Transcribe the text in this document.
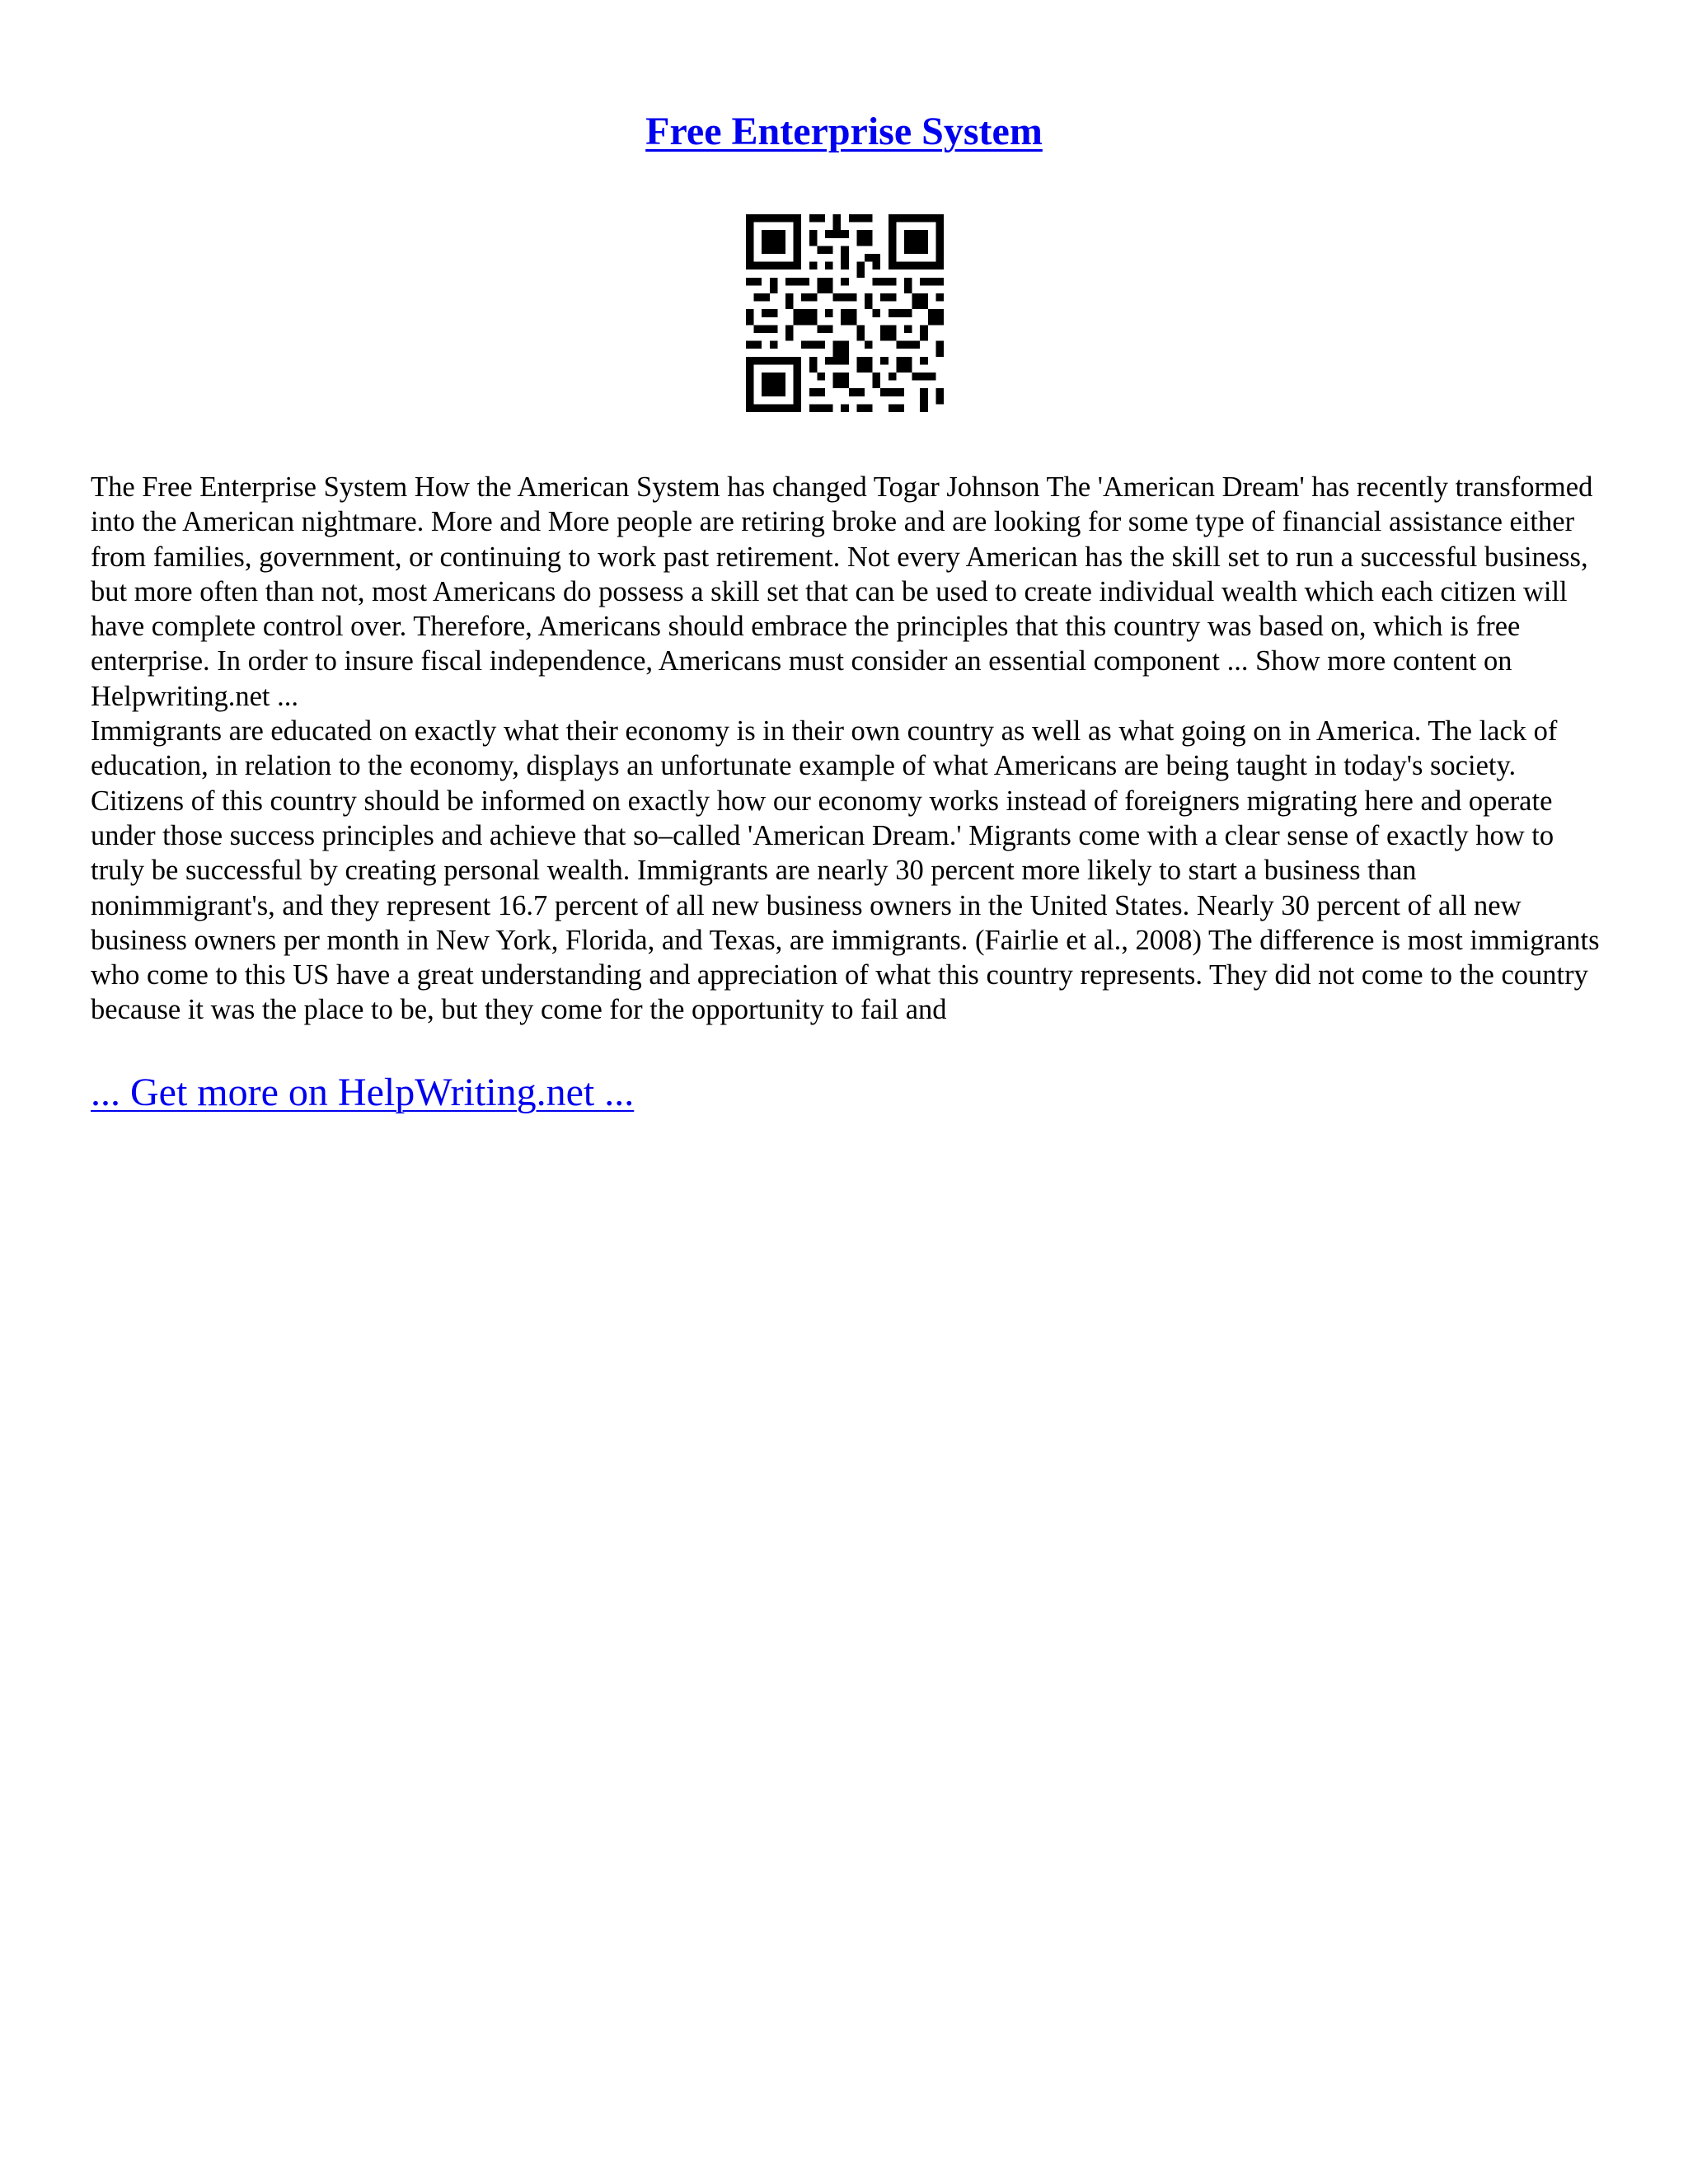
Free Enterprise System

The Free Enterprise System How the American System has changed Togar Johnson The 'American Dream' has recently transformed into the American nightmare. More and More people are retiring broke and are looking for some type of financial assistance either from families, government, or continuing to work past retirement. Not every American has the skill set to run a successful business, but more often than not, most Americans do possess a skill set that can be used to create individual wealth which each citizen will have complete control over. Therefore, Americans should embrace the principles that this country was based on, which is free enterprise. In order to insure fiscal independence, Americans must consider an essential component ... Show more content on Helpwriting.net ...

Immigrants are educated on exactly what their economy is in their own country as well as what going on in America. The lack of education, in relation to the economy, displays an unfortunate example of what Americans are being taught in today's society. Citizens of this country should be informed on exactly how our economy works instead of foreigners migrating here and operate under those success principles and achieve that so–called 'American Dream.' Migrants come with a clear sense of exactly how to truly be successful by creating personal wealth. Immigrants are nearly 30 percent more likely to start a business than nonimmigrant's, and they represent 16.7 percent of all new business owners in the United States. Nearly 30 percent of all new business owners per month in New York, Florida, and Texas, are immigrants. (Fairlie et al., 2008) The difference is most immigrants who come to this US have a great understanding and appreciation of what this country represents. They did not come to the country because it was the place to be, but they come for the opportunity to fail and

... Get more on HelpWriting.net ...
